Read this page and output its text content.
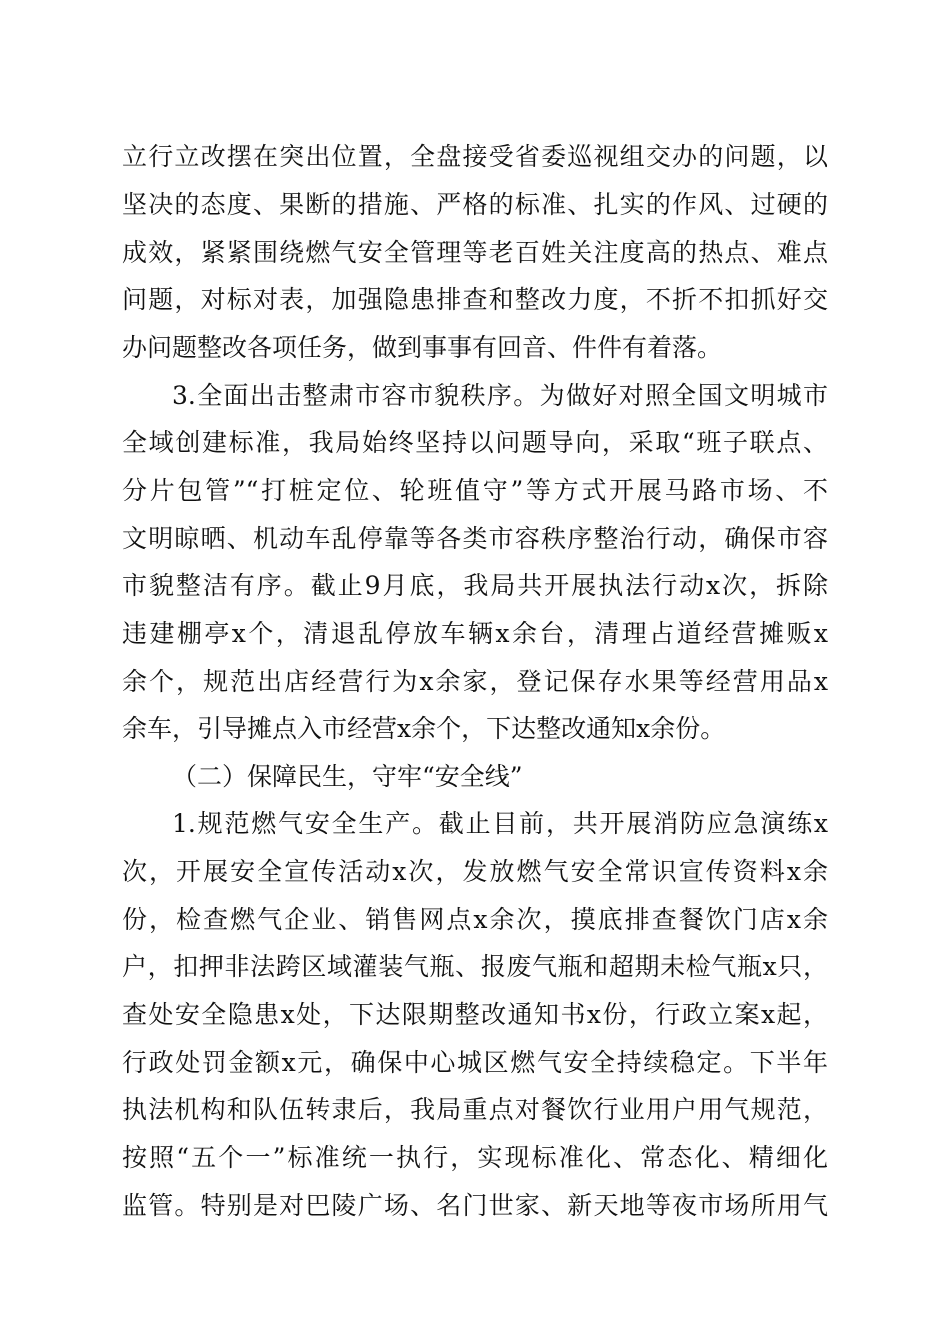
立行立改摆在突出位置，全盘接受省委巡视组交办的问题，以
坚决的态度、果断的措施、严格的标准、扎实的作风、过硬的
成效，紧紧围绕燃气安全管理等老百姓关注度高的热点、难点
问题，对标对表，加强隐患排查和整改力度，不折不扣抓好交
办问题整改各项任务，做到事事有回音、件件有着落。
3.全面出击整肃市容市貌秩序。为做好对照全国文明城市
全域创建标准，我局始终坚持以问题导向，采取“班子联点、
分片包管”“打桩定位、轮班值守”等方式开展马路市场、不
文明晾晒、机动车乱停靠等各类市容秩序整治行动，确保市容
市貌整洁有序。截止9月底，我局共开展执法行动x次，拆除
违建棚亭x个，清退乱停放车辆x余台，清理占道经营摊贩x
余个，规范出店经营行为x余家，登记保存水果等经营用品x
余车，引导摊点入市经营x余个，下达整改通知x余份。
（二）保障民生，守牢“安全线”
1.规范燃气安全生产。截止目前，共开展消防应急演练x
次，开展安全宣传活动x次，发放燃气安全常识宣传资料x余
份，检查燃气企业、销售网点x余次，摸底排查餐饮门店x余
户，扣押非法跨区域灌装气瓶、报废气瓶和超期未检气瓶x只，
查处安全隐患x处，下达限期整改通知书x份，行政立案x起，
行政处罚金额x元，确保中心城区燃气安全持续稳定。下半年
执法机构和队伍转隶后，我局重点对餐饮行业用户用气规范，
按照“五个一”标准统一执行，实现标准化、常态化、精细化
监管。特别是对巴陵广场、名门世家、新天地等夜市场所用气
